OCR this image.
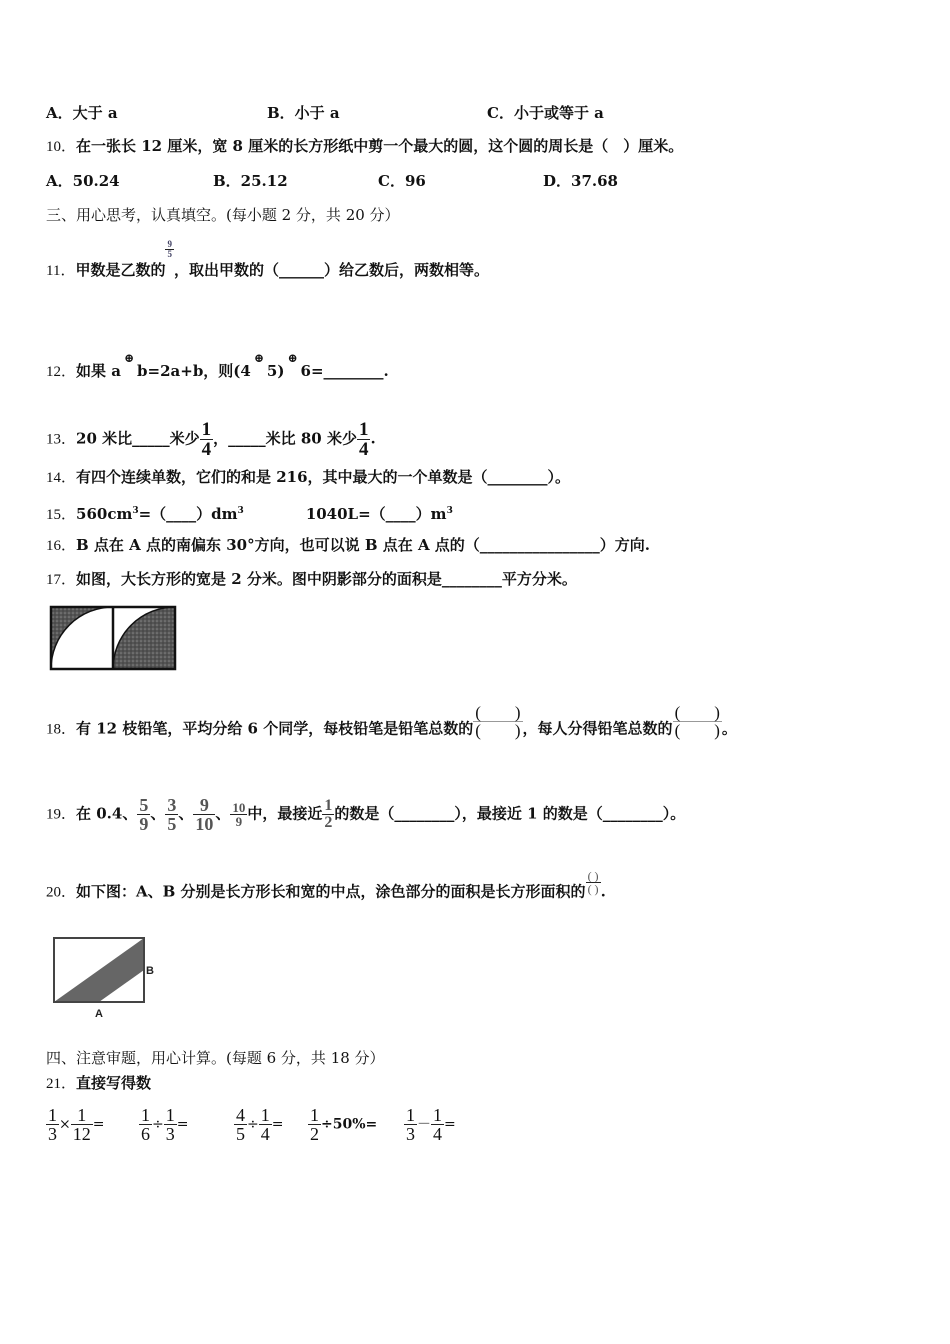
A．大于 a	B．小于 a	C．小于或等于 a
10．在一张长 12 厘米，宽 8 厘米的长方形纸中剪一个最大的圆，这个圆的周长是（　）厘米。
A．50.24	B．25.12	C．96	D．37.68
三、用心思考，认真填空。(每小题 2 分，共 20 分）
11．甲数是乙数的
$\frac{9}{5}$
，取出甲数的（______）给乙数后，两数相等。
12．如果 a⊕b=2a+b，则(4⊕5)⊕6=________.
13．20 米比_____米少 $\frac{1}{4}$ ，_____米比 80 米少 $\frac{1}{4}$ .
14．有四个连续单数，它们的和是 216，其中最大的一个单数是（________）。
15．$560cm^3=(\_\_\_\_)dm^3$	$1040L=(\_\_\_\_)m^3$
16．B 点在 A 点的南偏东 30°方向，也可以说 B 点在 A 点的（________________）方向.
17．如图，大长方形的宽是 2 分米。图中阴影部分的面积是________平方分米。
18．有 12 枝铅笔，平均分给 6 个同学，每枝铅笔是铅笔总数的 $\frac{( )}{( )}$ ，每人分得铅笔总数的 $\frac{( )}{( )}$ 。
19．在 0.4、 $\frac{5}{9}$ 、 $\frac{3}{5}$ 、 $\frac{9}{10}$ 、 $\frac{10}{9}$ 中，最接近 $\frac{1}{2}$ 的数是（________），最接近 1 的数是（________）。
20．如下图：A、B 分别是长方形长和宽的中点，涂色部分的面积是长方形面积的 $\frac{( )}{( )}$ .
B
A
四、注意审题，用心计算。(每题 6 分，共 18 分）
21．直接写得数
$\frac{1}{3} \times \frac{1}{12} = \frac{1}{6} \div \frac{1}{3}$ =	$\frac{4}{5} \div \frac{1}{4} = \frac{1}{2} \div 50\%= \frac{1}{3} - \frac{1}{4}$ =
